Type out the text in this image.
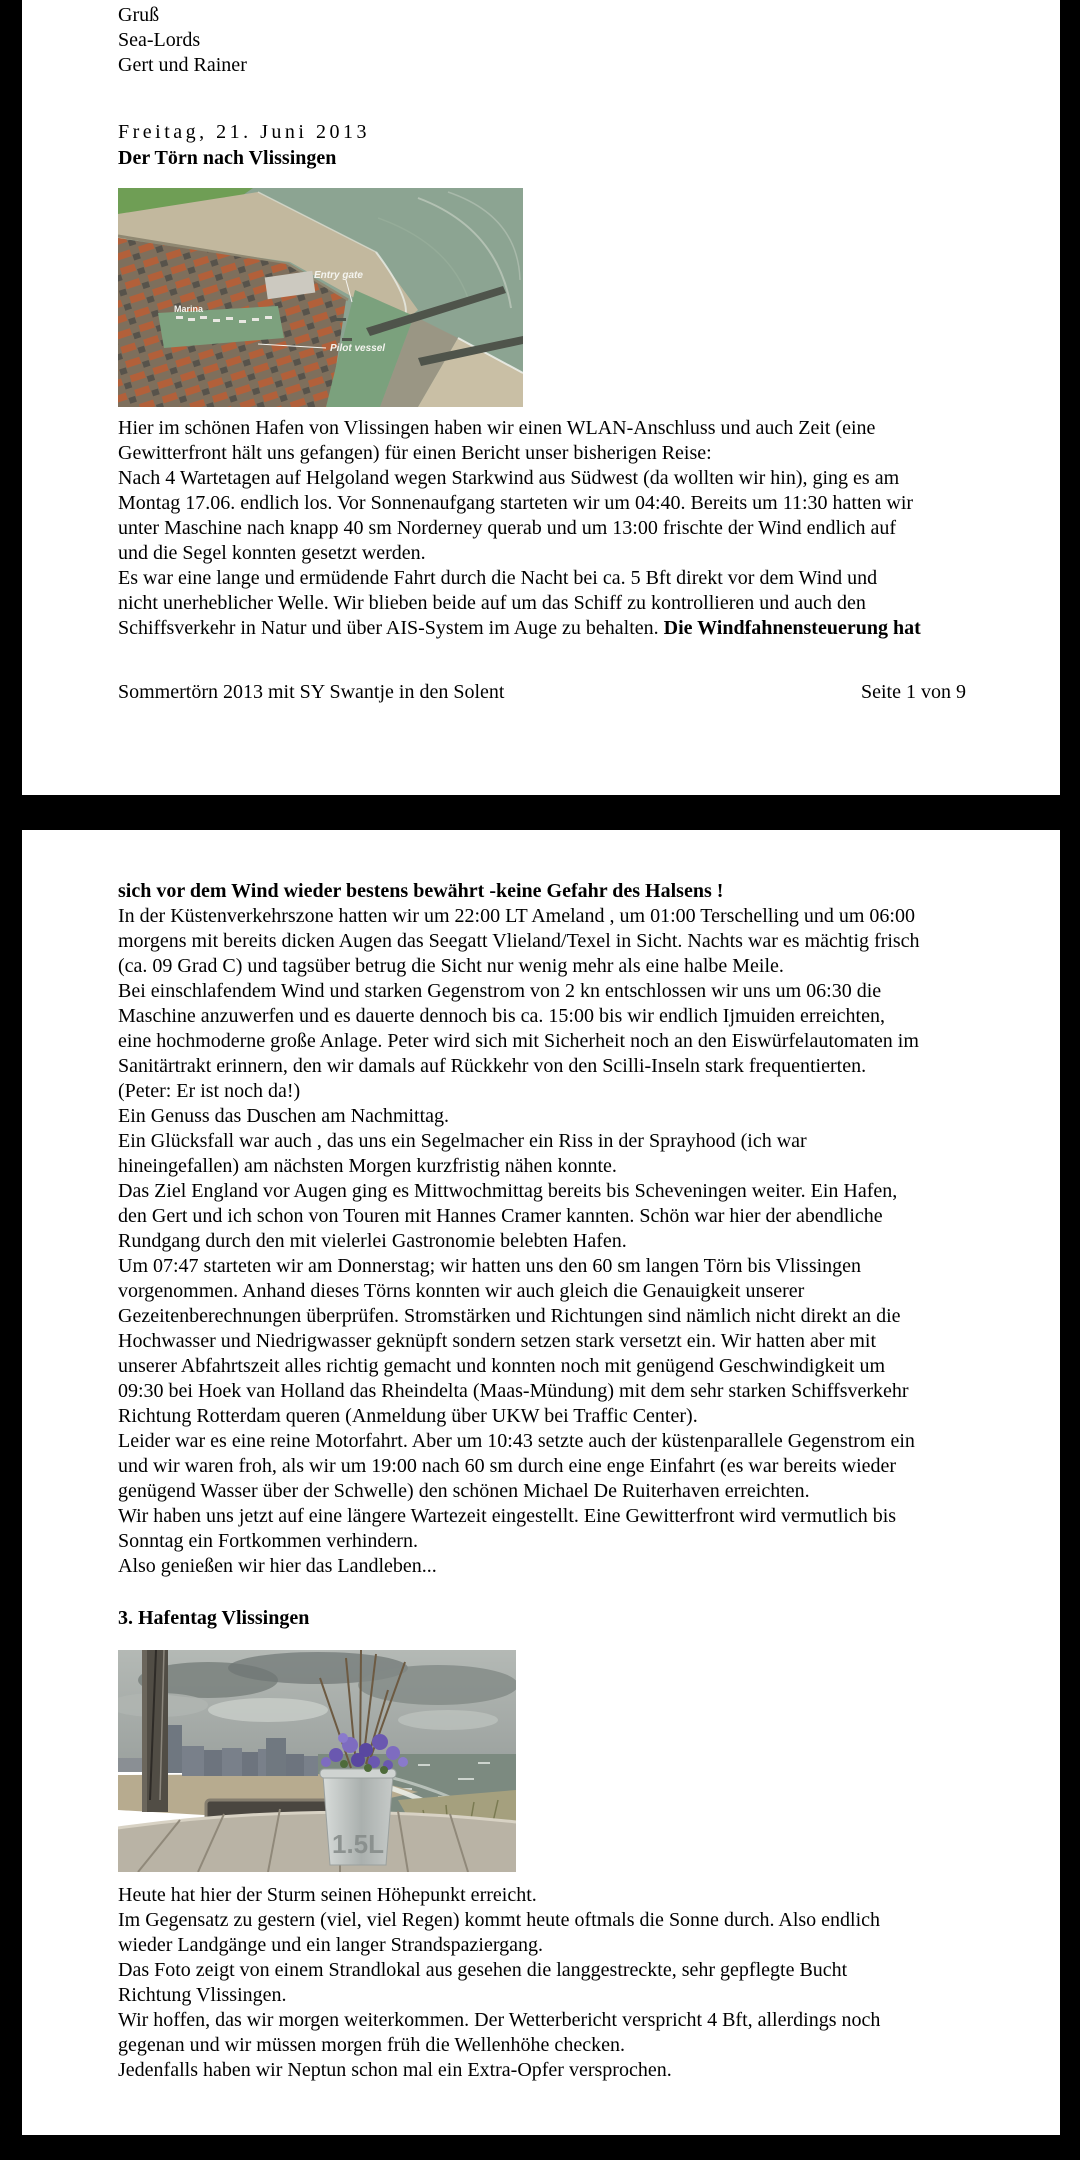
Gruß
Sea-Lords
Gert und Rainer
Freitag, 21. Juni 2013
Der Törn nach Vlissingen
Marina
Entry gate
Pilot vessel
Hier im schönen Hafen von Vlissingen haben wir einen WLAN-Anschluss und auch Zeit (eine
Gewitterfront hält uns gefangen) für einen Bericht unser bisherigen Reise:
Nach 4 Wartetagen auf Helgoland wegen Starkwind aus Südwest (da wollten wir hin), ging es am
Montag 17.06. endlich los. Vor Sonnenaufgang starteten wir um 04:40. Bereits um 11:30 hatten wir
unter Maschine nach knapp 40 sm Norderney querab und um 13:00 frischte der Wind endlich auf
und die Segel konnten gesetzt werden.
Es war eine lange und ermüdende Fahrt durch die Nacht bei ca. 5 Bft direkt vor dem Wind und
nicht unerheblicher Welle. Wir blieben beide auf um das Schiff zu kontrollieren und auch den
Schiffsverkehr in Natur und über AIS-System im Auge zu behalten. Die Windfahnensteuerung hat
Sommertörn 2013 mit SY Swantje in den Solent	Seite 1 von 9
sich vor dem Wind wieder bestens bewährt -keine Gefahr des Halsens !
In der Küstenverkehrszone hatten wir um 22:00 LT Ameland , um 01:00 Terschelling und um 06:00
morgens mit bereits dicken Augen das Seegatt Vlieland/Texel in Sicht. Nachts war es mächtig frisch
(ca. 09 Grad C) und tagsüber betrug die Sicht nur wenig mehr als eine halbe Meile.
Bei einschlafendem Wind und starken Gegenstrom von 2 kn entschlossen wir uns um 06:30 die
Maschine anzuwerfen und es dauerte dennoch bis ca. 15:00 bis wir endlich Ijmuiden erreichten,
eine hochmoderne große Anlage. Peter wird sich mit Sicherheit noch an den Eiswürfelautomaten im
Sanitärtrakt erinnern, den wir damals auf Rückkehr von den Scilli-Inseln stark frequentierten.
(Peter: Er ist noch da!)
Ein Genuss das Duschen am Nachmittag.
Ein Glücksfall war auch , das uns ein Segelmacher ein Riss in der Sprayhood (ich war
hineingefallen) am nächsten Morgen kurzfristig nähen konnte.
Das Ziel England vor Augen ging es Mittwochmittag bereits bis Scheveningen weiter. Ein Hafen,
den Gert und ich schon von Touren mit Hannes Cramer kannten. Schön war hier der abendliche
Rundgang durch den mit vielerlei Gastronomie belebten Hafen.
Um 07:47 starteten wir am Donnerstag; wir hatten uns den 60 sm langen Törn bis Vlissingen
vorgenommen. Anhand dieses Törns konnten wir auch gleich die Genauigkeit unserer
Gezeitenberechnungen überprüfen. Stromstärken und Richtungen sind nämlich nicht direkt an die
Hochwasser und Niedrigwasser geknüpft sondern setzen stark versetzt ein. Wir hatten aber mit
unserer Abfahrtszeit alles richtig gemacht und konnten noch mit genügend Geschwindigkeit um
09:30 bei Hoek van Holland das Rheindelta (Maas-Mündung) mit dem sehr starken Schiffsverkehr
Richtung Rotterdam queren (Anmeldung über UKW bei Traffic Center).
Leider war es eine reine Motorfahrt. Aber um 10:43 setzte auch der küstenparallele Gegenstrom ein
und wir waren froh, als wir um 19:00 nach 60 sm durch eine enge Einfahrt (es war bereits wieder
genügend Wasser über der Schwelle) den schönen Michael De Ruiterhaven erreichten.
Wir haben uns jetzt auf eine längere Wartezeit eingestellt. Eine Gewitterfront wird vermutlich bis
Sonntag ein Fortkommen verhindern.
Also genießen wir hier das Landleben...
3. Hafentag Vlissingen
1.5L
Heute hat hier der Sturm seinen Höhepunkt erreicht.
Im Gegensatz zu gestern (viel, viel Regen) kommt heute oftmals die Sonne durch. Also endlich
wieder Landgänge und ein langer Strandspaziergang.
Das Foto zeigt von einem Strandlokal aus gesehen die langgestreckte, sehr gepflegte Bucht
Richtung Vlissingen.
Wir hoffen, das wir morgen weiterkommen. Der Wetterbericht verspricht 4 Bft, allerdings noch
gegenan und wir müssen morgen früh die Wellenhöhe checken.
Jedenfalls haben wir Neptun schon mal ein Extra-Opfer versprochen.
